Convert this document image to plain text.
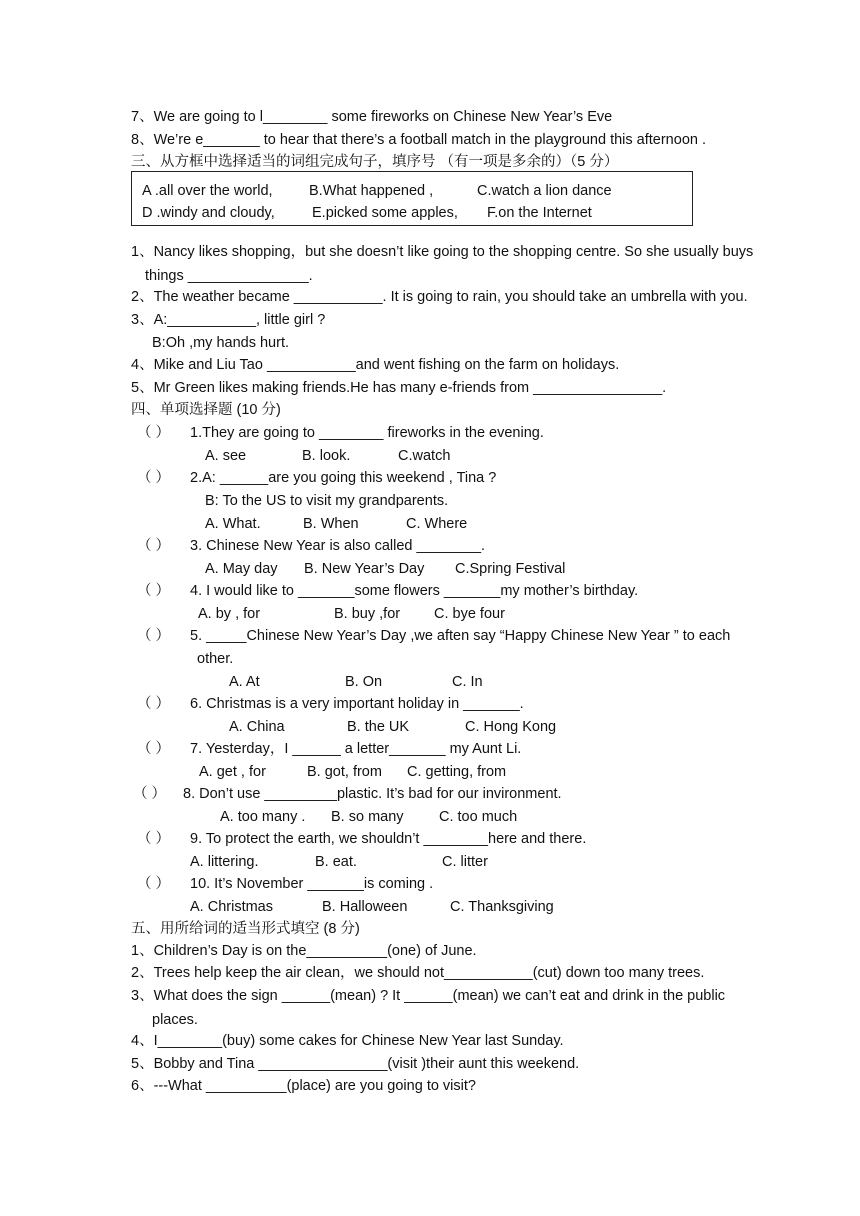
7、We are going to l________ some fireworks on Chinese New Year’s Eve
8、We’re e_______ to hear that there’s a football match in the playground this afternoon .
三、从方框中选择适当的词组完成句子，填序号 （有一项是多余的）（5 分）
A .all over the world,	B.What happened ,	C.watch a lion dance
D .windy and cloudy,	E.picked some apples, F.on the Internet
1、Nancy likes shopping，but she doesn’t like going to the shopping centre. So she usually buys
things _______________.
2、The weather became ___________. It is going to rain, you should take an umbrella with you.
3、A:___________, little girl ?
B:Oh ,my hands hurt.
4、Mike and Liu Tao ___________and went fishing on the farm on holidays.
5、Mr Green likes making friends.He has many e-friends from ________________.
四、单项选择题 (10 分)
（ ） 1.They are going to ________ fireworks in the evening.
A. see	B. look.	C.watch
（ ） 2.A: ______are you going this weekend , Tina ?
B: To the US to visit my grandparents.
A. What.	B. When	C. Where
（ ） 3. Chinese New Year is also called ________.
A. May day B. New Year’s Day C.Spring Festival
（ ） 4. I would like to _______some flowers _______my mother’s birthday.
A. by , for	B. buy ,for C. bye four
（ ） 5. _____Chinese New Year’s Day ,we aften say “Happy Chinese New Year ” to each
other.
A. At	B. On	C. In
（ ） 6. Christmas is a very important holiday in _______.
A. China	B. the UK	C. Hong Kong
（ ） 7. Yesterday，I ______ a letter_______ my Aunt Li.
A. get , for	B. got, from C. getting, from
（ ） 8. Don’t use _________plastic. It’s bad for our invironment.
A. too many . B. so many C. too much
（ ） 9. To protect the earth, we shouldn’t ________here and there.
A. littering.	B. eat.	C. litter
（ ） 10. It’s November _______is coming .
A. Christmas	B. Halloween	C. Thanksgiving
五、用所给词的适当形式填空 (8 分)
1、Children’s Day is on the__________(one) of June.
2、Trees help keep the air clean，we should not___________(cut) down too many trees.
3、What does the sign ______(mean) ? It ______(mean) we can’t eat and drink in the public
places.
4、I________(buy) some cakes for Chinese New Year last Sunday.
5、Bobby and Tina ________________(visit )their aunt this weekend.
6、---What __________(place) are you going to visit?
